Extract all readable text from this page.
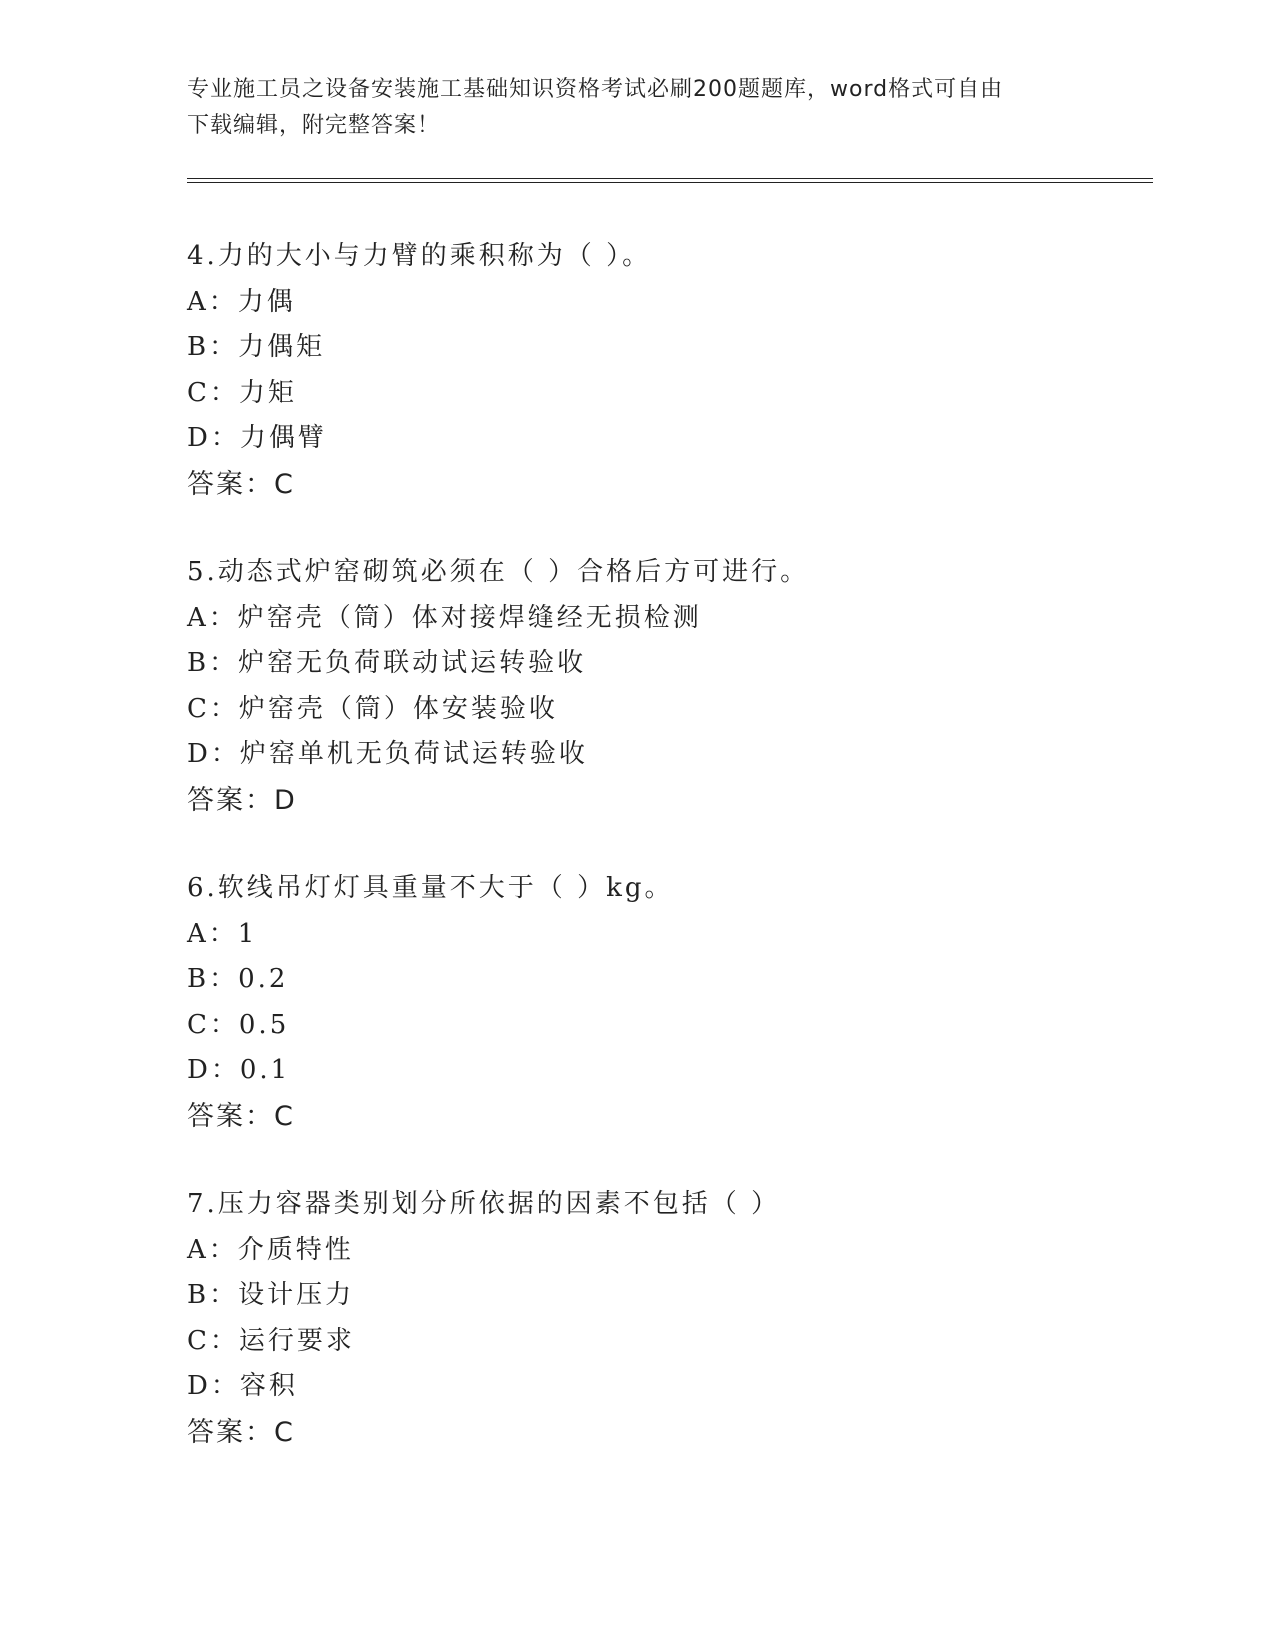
专业施工员之设备安装施工基础知识资格考试必刷200题题库，word格式可自由
下载编辑，附完整答案！
4.力的大小与力臂的乘积称为（ ）。
A：力偶
B：力偶矩
C：力矩
D：力偶臂
答案：C
5.动态式炉窑砌筑必须在（ ）合格后方可进行。
A：炉窑壳（筒）体对接焊缝经无损检测
B：炉窑无负荷联动试运转验收
C：炉窑壳（筒）体安装验收
D：炉窑单机无负荷试运转验收
答案：D
6.软线吊灯灯具重量不大于（ ）kg。
A：1
B：0.2
C：0.5
D：0.1
答案：C
7.压力容器类别划分所依据的因素不包括（ ）
A：介质特性
B：设计压力
C：运行要求
D：容积
答案：C
